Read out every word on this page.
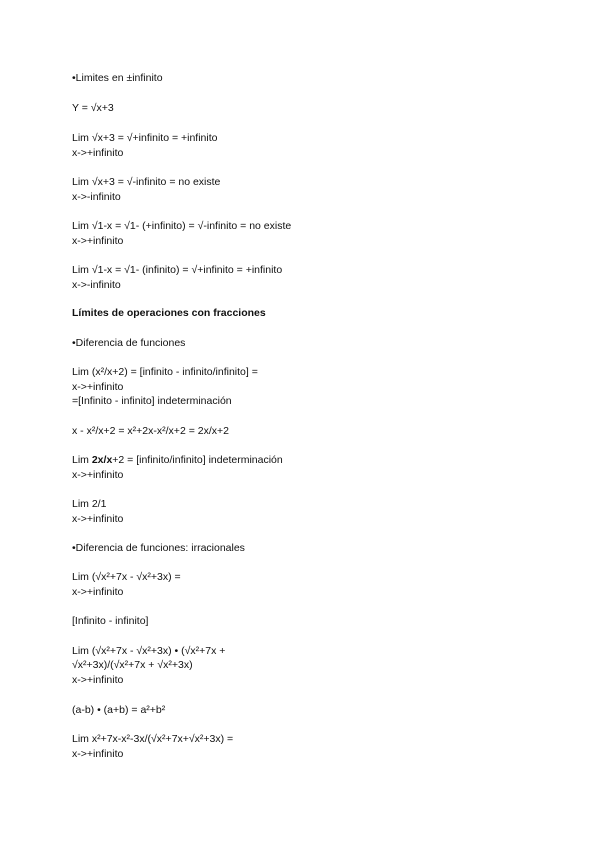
•Limites en ±infinito
Y = √x+3
Lim √x+3 = √+infinito = +infinito
x->+infinito
Lim √x+3 = √-infinito = no existe
x->-infinito
Lim √1-x = √1- (+infinito) = √-infinito = no existe
x->+infinito
Lim √1-x = √1- (infinito) = √+infinito = +infinito
x->-infinito
Límites de operaciones con fracciones
•Diferencia de funciones
Lim (x²/x+2) = [infinito - infinito/infinito] =
x->+infinito
=[Infinito - infinito] indeterminación
x - x²/x+2 = x²+2x-x²/x+2 = 2x/x+2
Lim 2x/x+2 = [infinito/infinito] indeterminación
x->+infinito
Lim 2/1
x->+infinito
•Diferencia de funciones: irracionales
Lim (√x²+7x - √x²+3x) =
x->+infinito
[Infinito - infinito]
Lim (√x²+7x - √x²+3x) • (√x²+7x +
√x²+3x)/(√x²+7x + √x²+3x)
x->+infinito
(a-b) • (a+b) = a²+b²
Lim x²+7x-x²-3x/(√x²+7x+√x²+3x) =
x->+infinito
